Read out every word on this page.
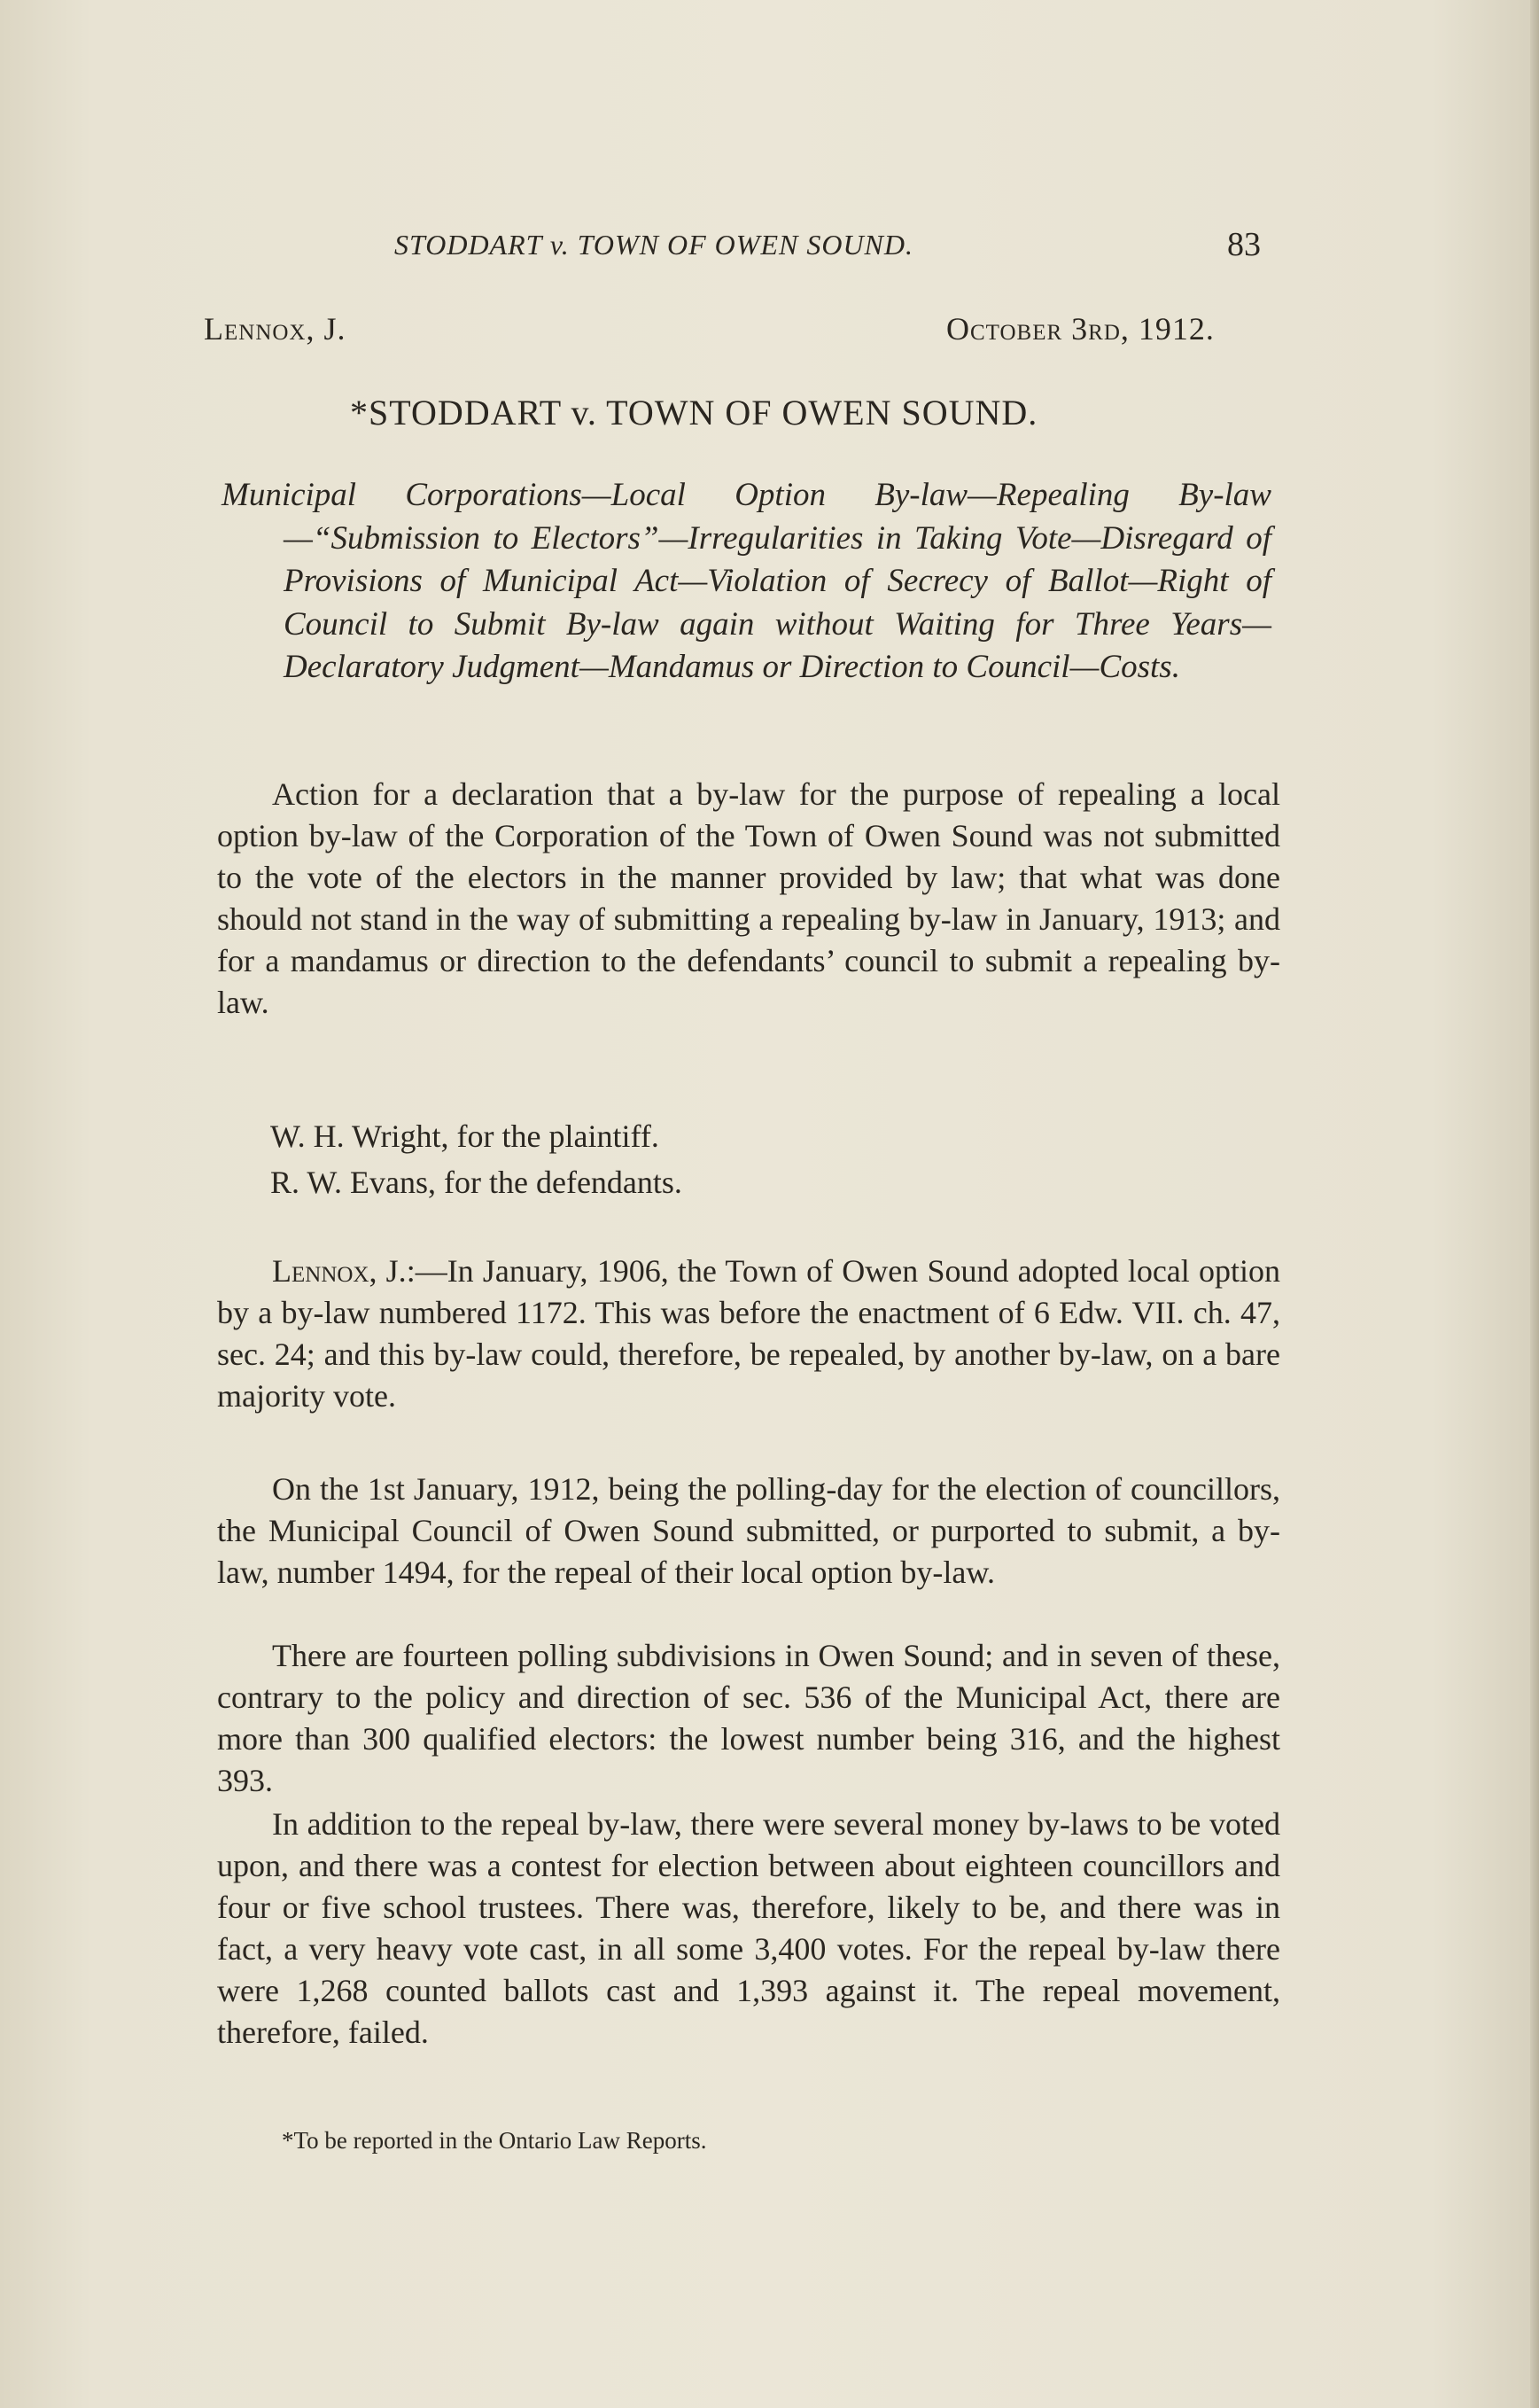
STODDART v. TOWN OF OWEN SOUND.	83
Lennox, J.	October 3rd, 1912.
*STODDART v. TOWN OF OWEN SOUND.
Municipal Corporations—Local Option By-law—Repealing By-law—“Submission to Electors”—Irregularities in Taking Vote—Disregard of Provisions of Municipal Act—Violation of Secrecy of Ballot—Right of Council to Submit By-law again without Waiting for Three Years—Declaratory Judgment—Mandamus or Direction to Council—Costs.

Action for a declaration that a by-law for the purpose of repealing a local option by-law of the Corporation of the Town of Owen Sound was not submitted to the vote of the electors in the manner provided by law; that what was done should not stand in the way of submitting a repealing by-law in January, 1913; and for a mandamus or direction to the defendants’ council to submit a repealing by-law.

W. H. Wright, for the plaintiff.
R. W. Evans, for the defendants.

Lennox, J.:—In January, 1906, the Town of Owen Sound adopted local option by a by-law numbered 1172. This was before the enactment of 6 Edw. VII. ch. 47, sec. 24; and this by-law could, therefore, be repealed, by another by-law, on a bare majority vote.

On the 1st January, 1912, being the polling-day for the election of councillors, the Municipal Council of Owen Sound submitted, or purported to submit, a by-law, number 1494, for the repeal of their local option by-law.

There are fourteen polling subdivisions in Owen Sound; and in seven of these, contrary to the policy and direction of sec. 536 of the Municipal Act, there are more than 300 qualified electors: the lowest number being 316, and the highest 393.

In addition to the repeal by-law, there were several money by-laws to be voted upon, and there was a contest for election between about eighteen councillors and four or five school trustees. There was, therefore, likely to be, and there was in fact, a very heavy vote cast, in all some 3,400 votes. For the repeal by-law there were 1,268 counted ballots cast and 1,393 against it. The repeal movement, therefore, failed.

*To be reported in the Ontario Law Reports.
